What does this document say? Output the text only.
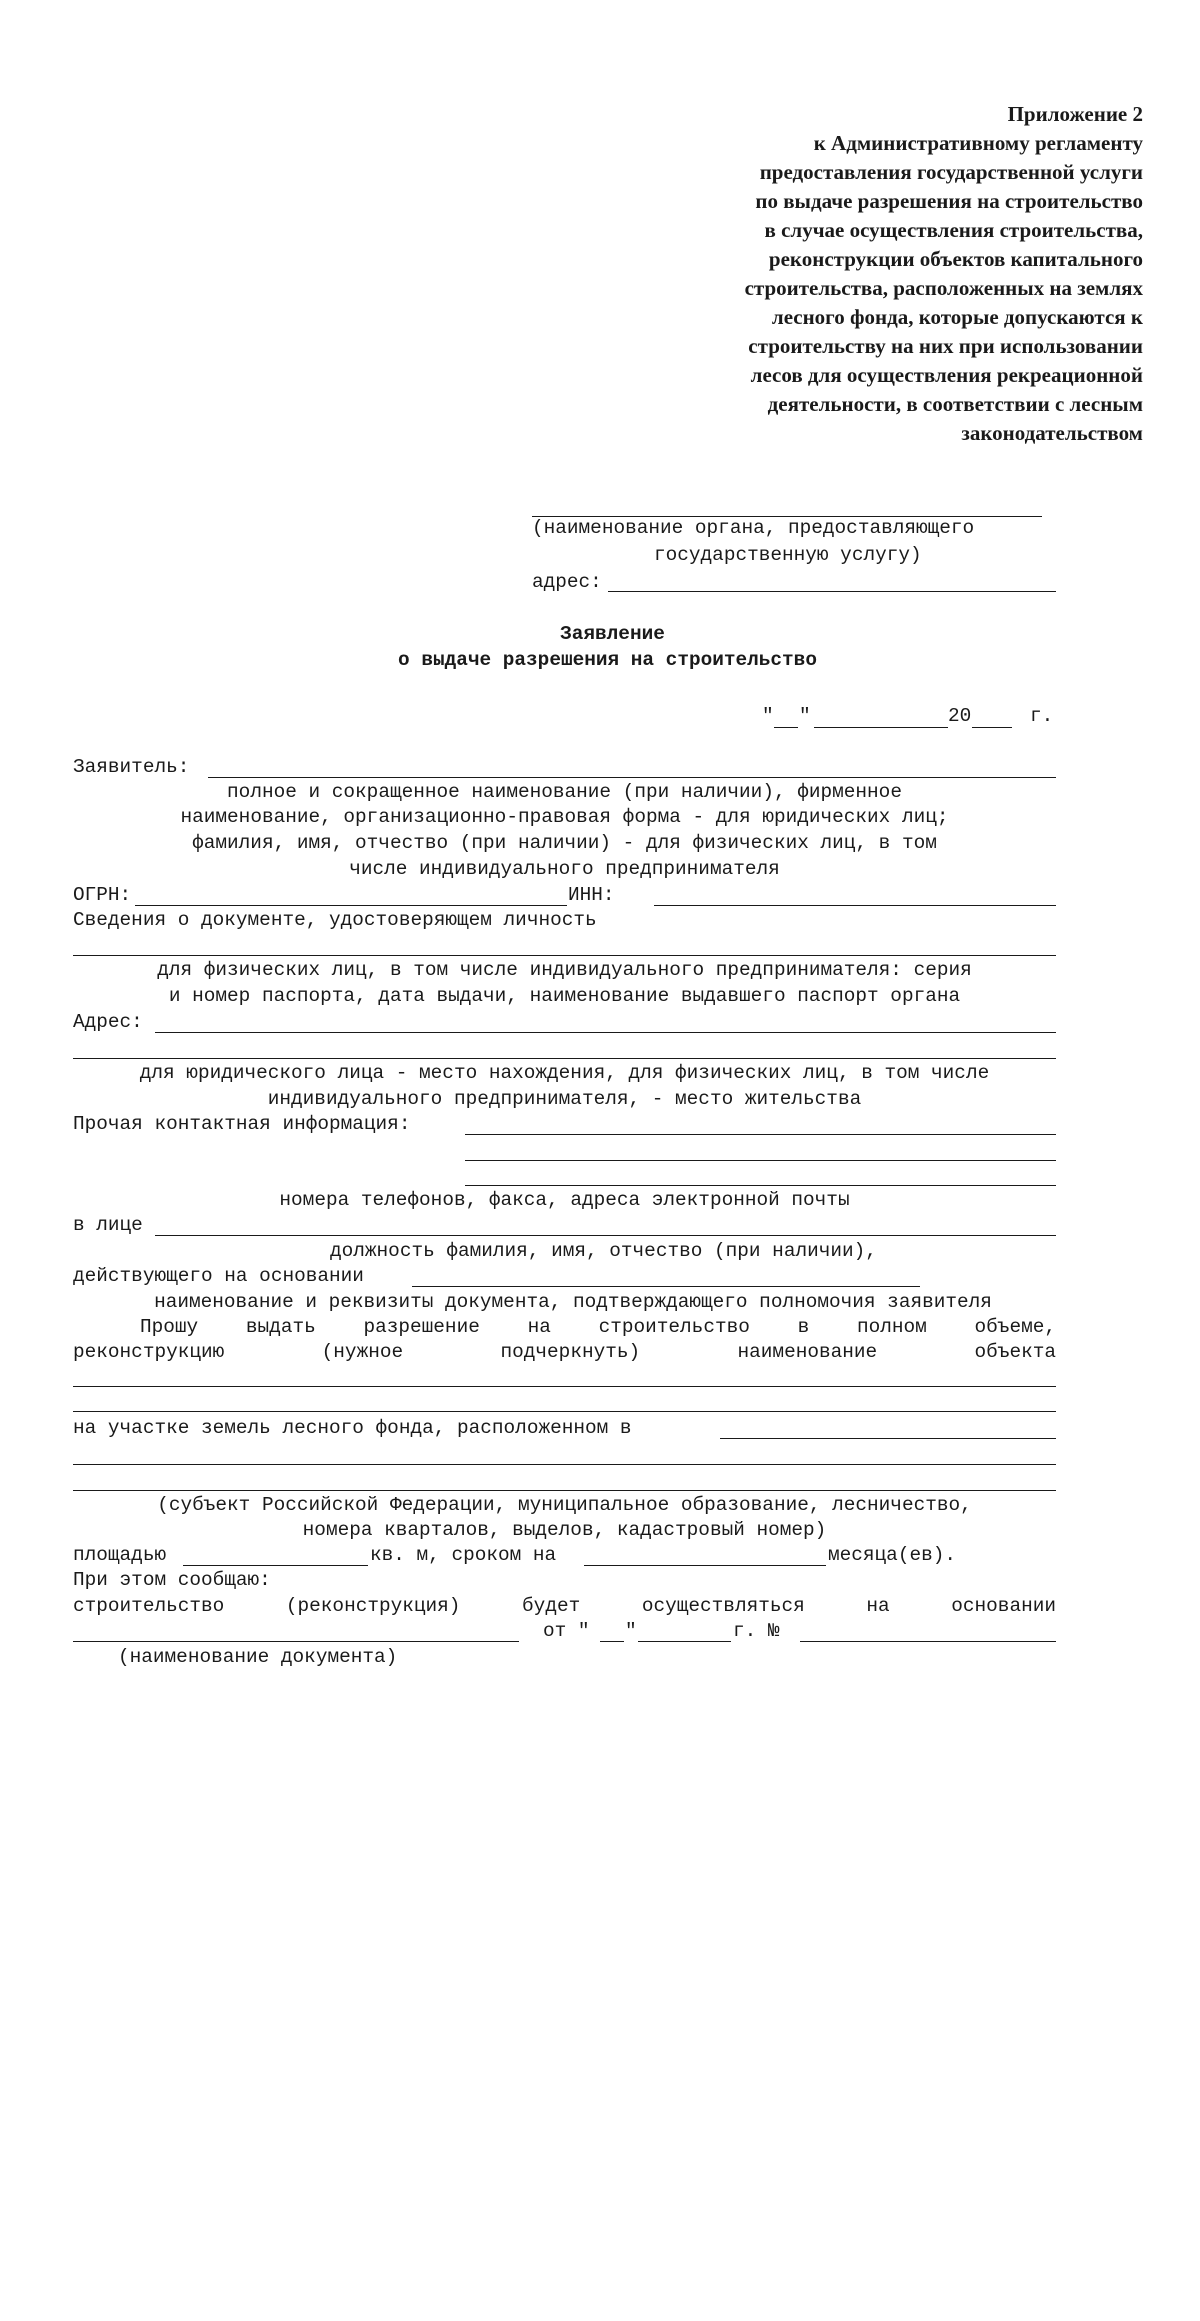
Приложение 2
к Административному регламенту
предоставления государственной услуги
по выдаче разрешения на строительство
в случае осуществления строительства,
реконструкции объектов капитального
строительства, расположенных на землях
лесного фонда, которые допускаются к
строительству на них при использовании
лесов для осуществления рекреационной
деятельности, в соответствии с лесным
законодательством

(наименование органа, предоставляющего

государственную услугу)

адрес:

Заявление

о выдаче разрешения на строительство

"

"

	20

	г.

Заявитель:

полное и сокращенное наименование (при наличии), фирменное

наименование, организационно-правовая форма - для юридических лиц;

фамилия, имя, отчество (при наличии) - для физических лиц, в том

числе индивидуального предпринимателя

ОГРН:

	ИНН:

Сведения о документе, удостоверяющем личность

для физических лиц, в том числе индивидуального предпринимателя: серия

и номер паспорта, дата выдачи, наименование выдавшего паспорт органа

Адрес:

для юридического лица - место нахождения, для физических лиц, в том числе

индивидуального предпринимателя, - место жительства

Прочая контактная информация:

номера телефонов, факса, адреса электронной почты

в лице

должность фамилия, имя, отчество (при наличии),

действующего на основании

наименование и реквизиты документа, подтверждающего полномочия заявителя

Прошу выдать разрешение на строительство в полном объеме,

реконструкцию (нужное подчеркнуть) наименование объекта

на участке земель лесного фонда, расположенном в

(субъект Российской Федерации, муниципальное образование, лесничество,

номера кварталов, выделов, кадастровый номер)

площадью

	кв. м, сроком на

	месяца(ев).

При этом сообщаю:

строительство (реконструкция) будет осуществляться на основании

от "

"

	г. №

(наименование документа)
